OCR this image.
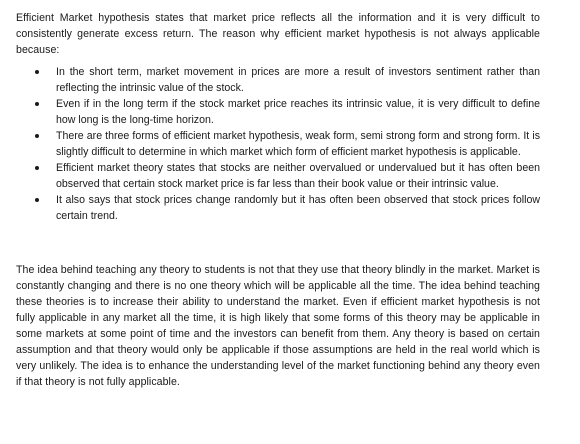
Efficient Market hypothesis states that market price reflects all the information and it is very difficult to consistently generate excess return. The reason why efficient market hypothesis is not always applicable because:

In the short term, market movement in prices are more a result of investors sentiment rather than reflecting the intrinsic value of the stock.
Even if in the long term if the stock market price reaches its intrinsic value, it is very difficult to define how long is the long-time horizon.
There are three forms of efficient market hypothesis, weak form, semi strong form and strong form. It is slightly difficult to determine in which market which form of efficient market hypothesis is applicable.
Efficient market theory states that stocks are neither overvalued or undervalued but it has often been observed that certain stock market price is far less than their book value or their intrinsic value.
It also says that stock prices change randomly but it has often been observed that stock prices follow certain trend.

The idea behind teaching any theory to students is not that they use that theory blindly in the market. Market is constantly changing and there is no one theory which will be applicable all the time. The idea behind teaching these theories is to increase their ability to understand the market. Even if efficient market hypothesis is not fully applicable in any market all the time, it is high likely that some forms of this theory may be applicable in some markets at some point of time and the investors can benefit from them. Any theory is based on certain assumption and that theory would only be applicable if those assumptions are held in the real world which is very unlikely. The idea is to enhance the understanding level of the market functioning behind any theory even if that theory is not fully applicable.
